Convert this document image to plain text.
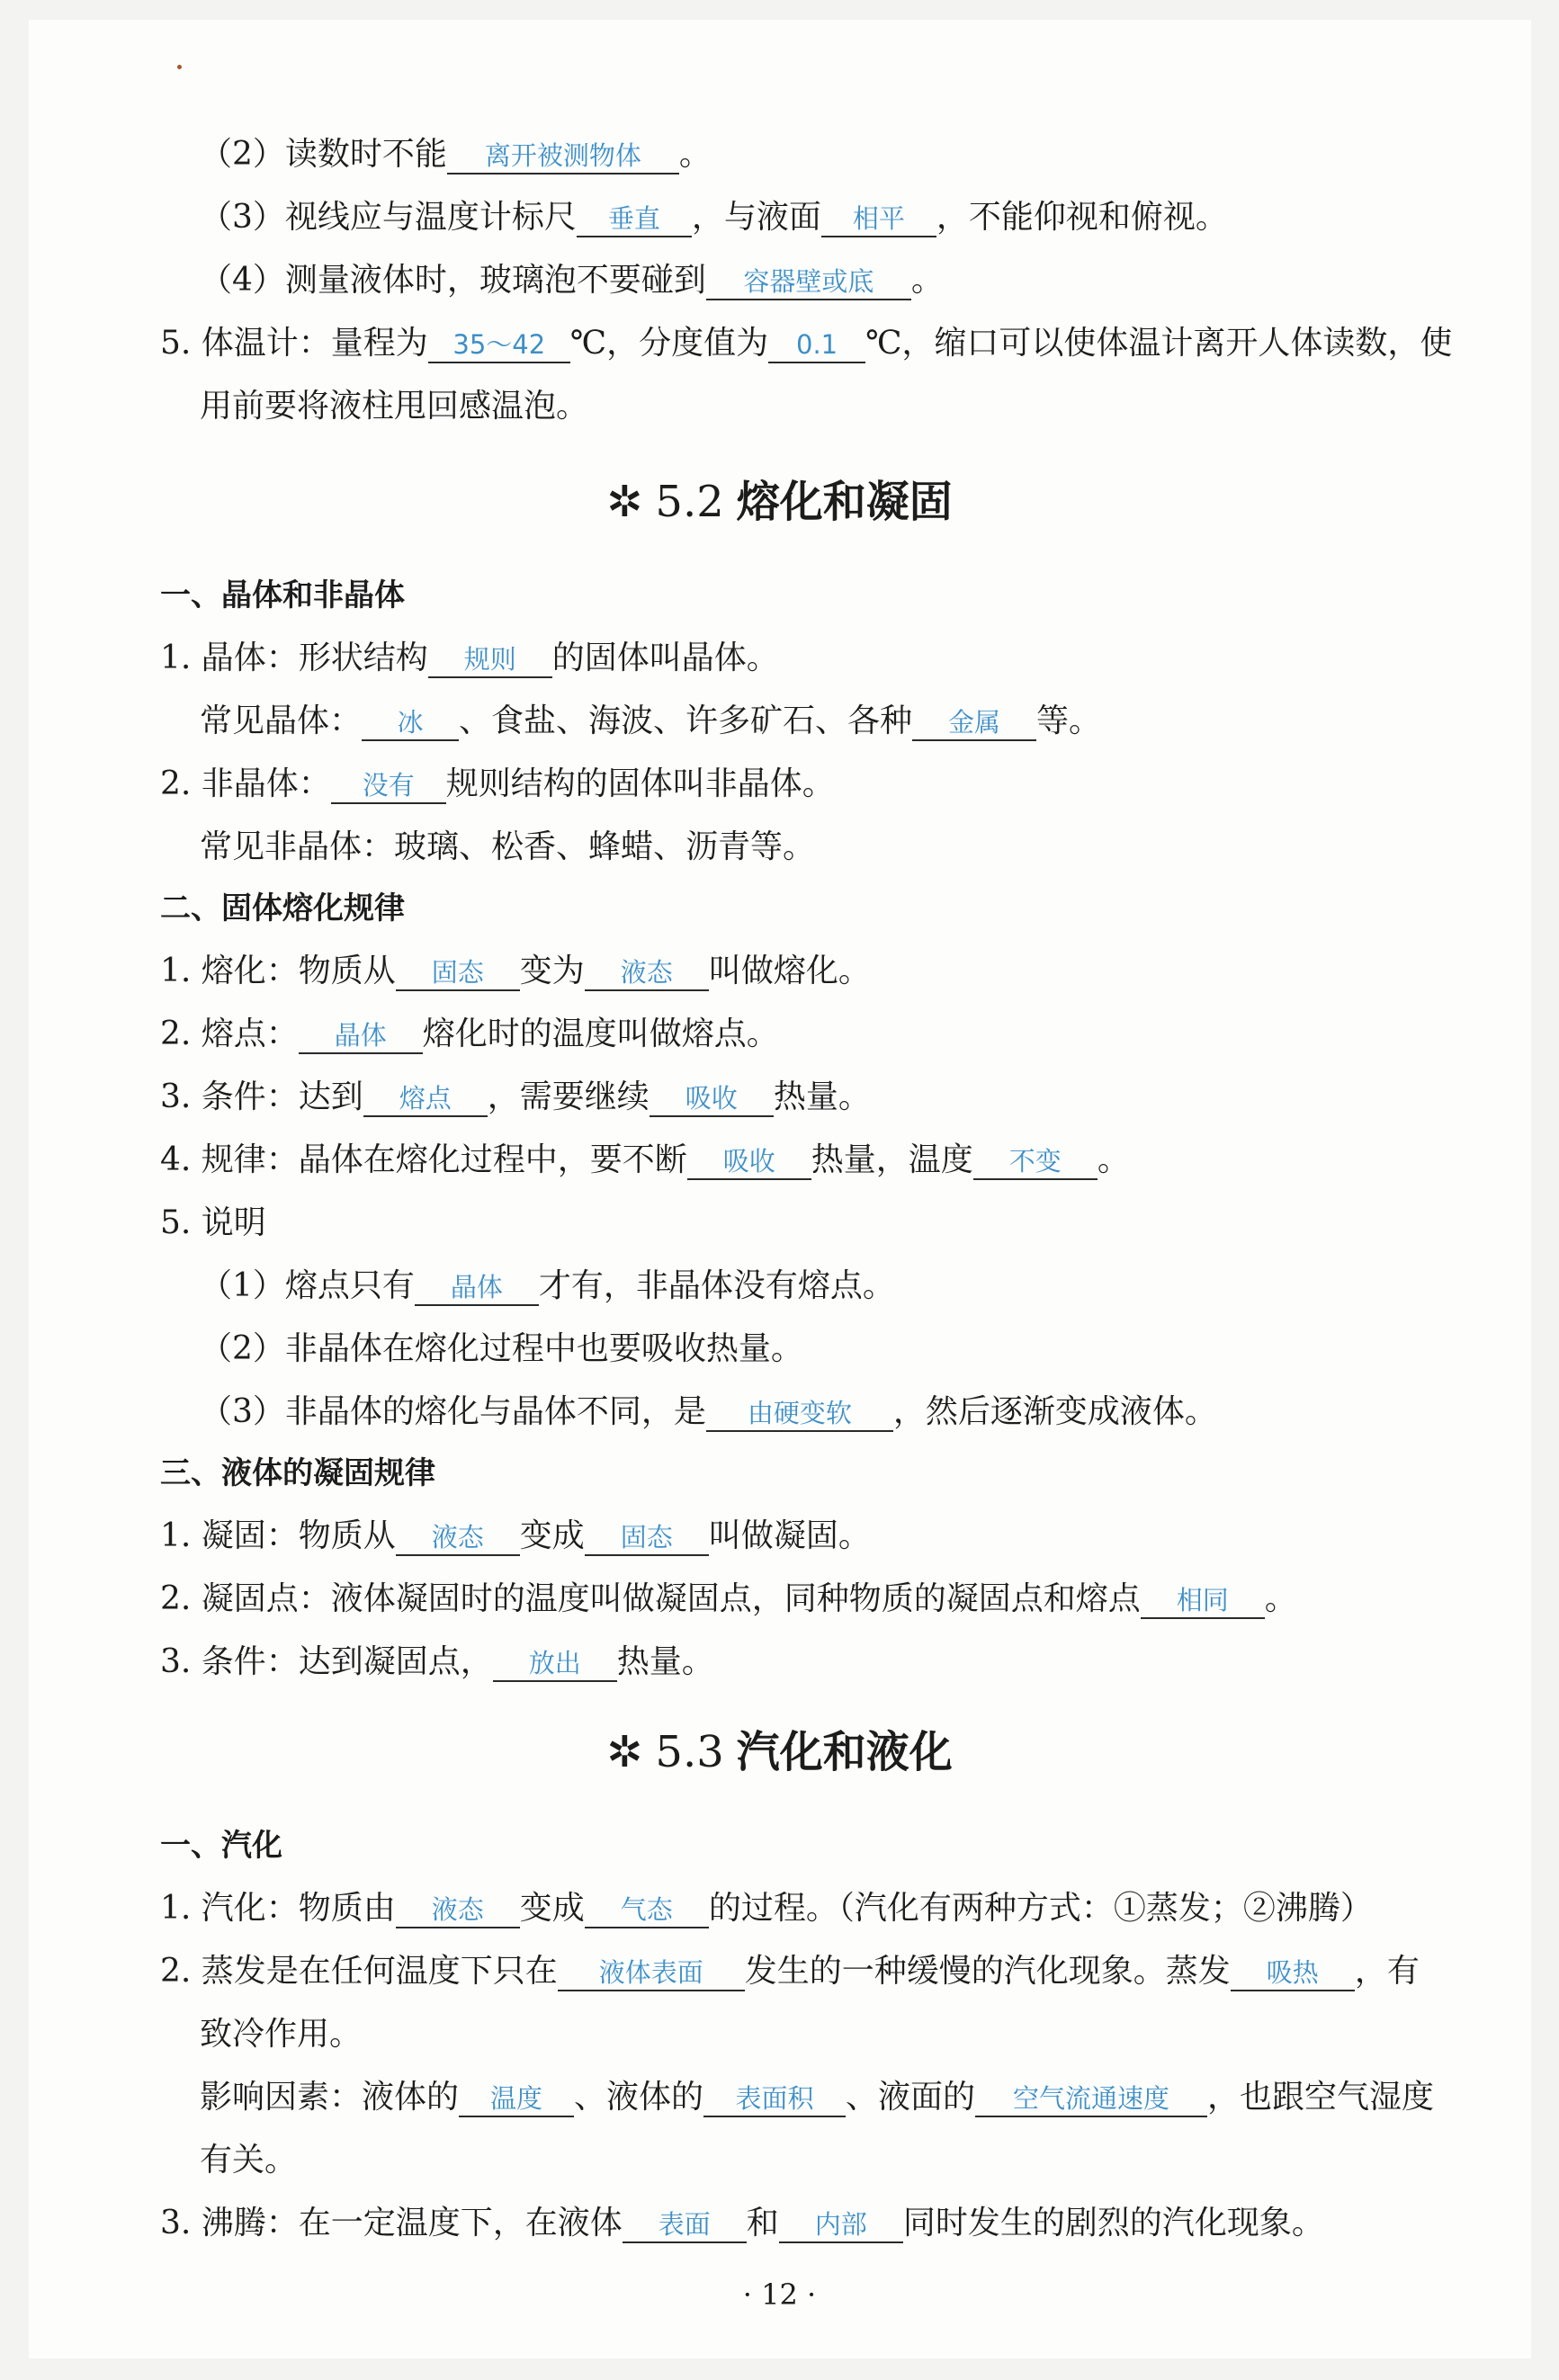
（2）读数时不能 离开被测物体 。
（3）视线应与温度计标尺 垂直 ，与液面 相平 ，不能仰视和俯视。
（4）测量液体时，玻璃泡不要碰到 容器壁或底 。
5. 体温计：量程为 35～42 ℃，分度值为 0.1 ℃，缩口可以使体温计离开人体读数，使
用前要将液柱甩回感温泡。
✲ 5.2 熔化和凝固
一、晶体和非晶体
1. 晶体：形状结构 规则 的固体叫晶体。
常见晶体： 冰 、食盐、海波、许多矿石、各种 金属 等。
2. 非晶体： 没有 规则结构的固体叫非晶体。
常见非晶体：玻璃、松香、蜂蜡、沥青等。
二、固体熔化规律
1. 熔化：物质从 固态 变为 液态 叫做熔化。
2. 熔点： 晶体 熔化时的温度叫做熔点。
3. 条件：达到 熔点 ，需要继续 吸收 热量。
4. 规律：晶体在熔化过程中，要不断 吸收 热量，温度 不变 。
5. 说明
（1）熔点只有 晶体 才有，非晶体没有熔点。
（2）非晶体在熔化过程中也要吸收热量。
（3）非晶体的熔化与晶体不同，是 由硬变软 ，然后逐渐变成液体。
三、液体的凝固规律
1. 凝固：物质从 液态 变成 固态 叫做凝固。
2. 凝固点：液体凝固时的温度叫做凝固点，同种物质的凝固点和熔点 相同 。
3. 条件：达到凝固点， 放出 热量。
✲ 5.3 汽化和液化
一、汽化
1. 汽化：物质由 液态 变成 气态 的过程。（汽化有两种方式：①蒸发；②沸腾）
2. 蒸发是在任何温度下只在 液体表面 发生的一种缓慢的汽化现象。蒸发 吸热 ，有
致冷作用。
影响因素：液体的 温度 、液体的 表面积 、液面的 空气流通速度 ，也跟空气湿度
有关。
3. 沸腾：在一定温度下，在液体 表面 和 内部 同时发生的剧烈的汽化现象。
· 12 ·
